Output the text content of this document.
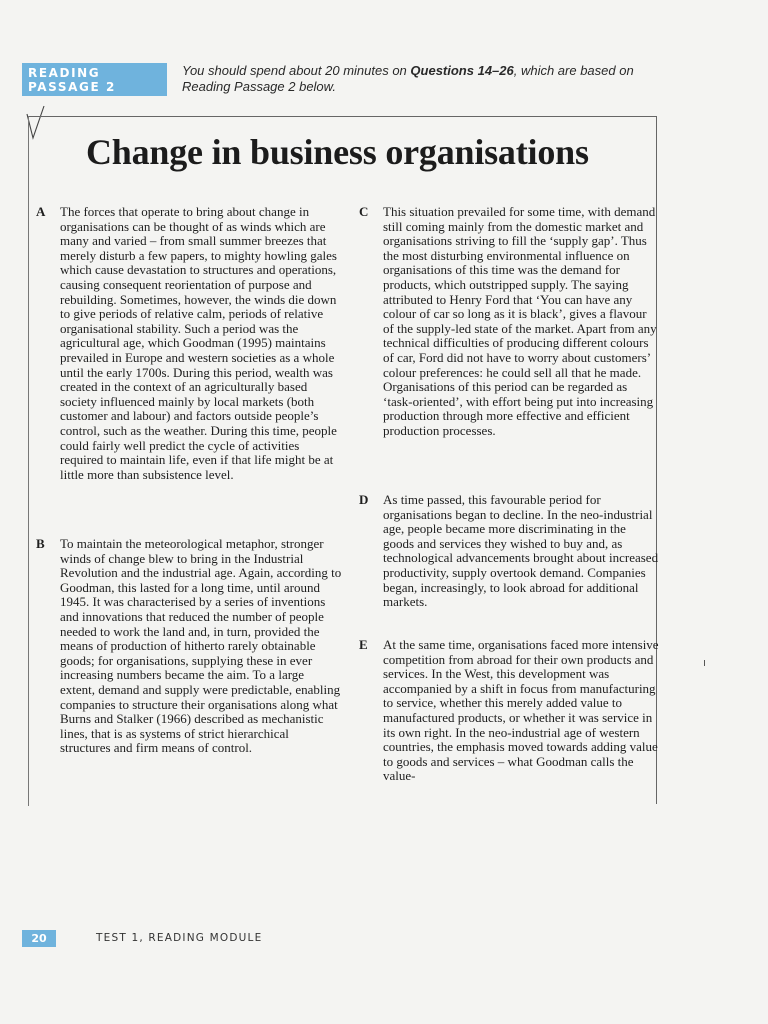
READING
PASSAGE 2
You should spend about 20 minutes on Questions 14–26, which are based on Reading Passage 2 below.
Change in business organisations
A The forces that operate to bring about change in organisations can be thought of as winds which are many and varied – from small summer breezes that merely disturb a few papers, to mighty howling gales which cause devastation to structures and operations, causing consequent reorientation of purpose and rebuilding. Sometimes, however, the winds die down to give periods of relative calm, periods of relative organisational stability. Such a period was the agricultural age, which Goodman (1995) maintains prevailed in Europe and western societies as a whole until the early 1700s. During this period, wealth was created in the context of an agriculturally based society influenced mainly by local markets (both customer and labour) and factors outside people’s control, such as the weather. During this time, people could fairly well predict the cycle of activities required to maintain life, even if that life might be at little more than subsistence level.
B To maintain the meteorological metaphor, stronger winds of change blew to bring in the Industrial Revolution and the industrial age. Again, according to Goodman, this lasted for a long time, until around 1945. It was characterised by a series of inventions and innovations that reduced the number of people needed to work the land and, in turn, provided the means of production of hitherto rarely obtainable goods; for organisations, supplying these in ever increasing numbers became the aim. To a large extent, demand and supply were predictable, enabling companies to structure their organisations along what Burns and Stalker (1966) described as mechanistic lines, that is as systems of strict hierarchical structures and firm means of control.
C This situation prevailed for some time, with demand still coming mainly from the domestic market and organisations striving to fill the ‘supply gap’. Thus the most disturbing environmental influence on organisations of this time was the demand for products, which outstripped supply. The saying attributed to Henry Ford that ‘You can have any colour of car so long as it is black’, gives a flavour of the supply-led state of the market. Apart from any technical difficulties of producing different colours of car, Ford did not have to worry about customers’ colour preferences: he could sell all that he made. Organisations of this period can be regarded as ‘task-oriented’, with effort being put into increasing production through more effective and efficient production processes.
D As time passed, this favourable period for organisations began to decline. In the neo-industrial age, people became more discriminating in the goods and services they wished to buy and, as technological advancements brought about increased productivity, supply overtook demand. Companies began, increasingly, to look abroad for additional markets.
E At the same time, organisations faced more intensive competition from abroad for their own products and services. In the West, this development was accompanied by a shift in focus from manufacturing to service, whether this merely added value to manufactured products, or whether it was service in its own right. In the neo-industrial age of western countries, the emphasis moved towards adding value to goods and services – what Goodman calls the value-
20	TEST 1, READING MODULE
